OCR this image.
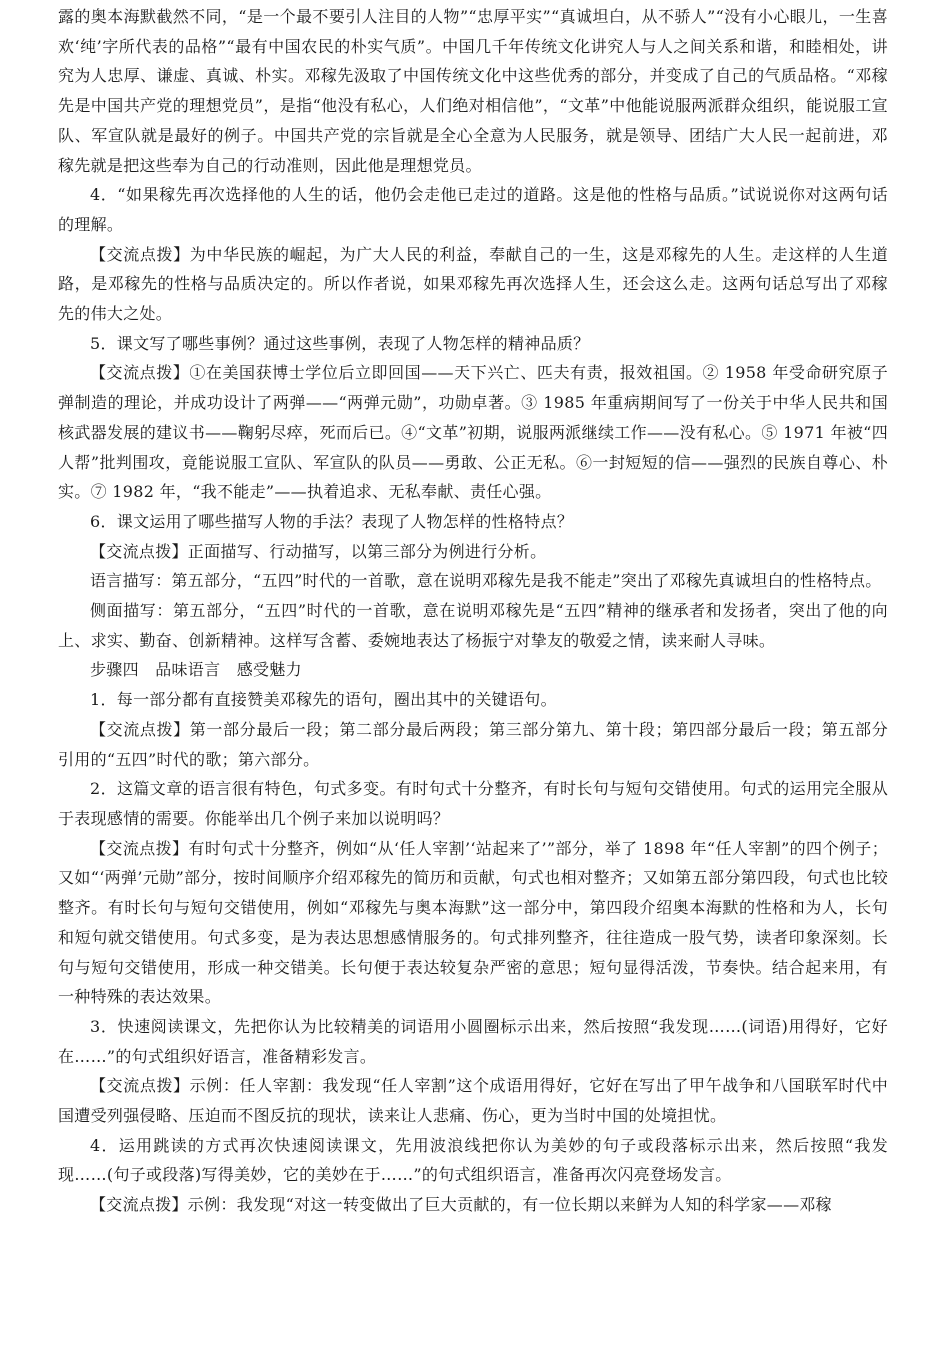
露的奥本海默截然不同，“是一个最不要引人注目的人物”“忠厚平实”“真诚坦白，从不骄人”“没有小心眼儿，一生喜欢‘纯’字所代表的品格”“最有中国农民的朴实气质”。中国几千年传统文化讲究人与人之间关系和谐，和睦相处，讲究为人忠厚、谦虚、真诚、朴实。邓稼先汲取了中国传统文化中这些优秀的部分，并变成了自己的气质品格。“邓稼先是中国共产党的理想党员”，是指“他没有私心，人们绝对相信他”，“文革”中他能说服两派群众组织，能说服工宣队、军宣队就是最好的例子。中国共产党的宗旨就是全心全意为人民服务，就是领导、团结广大人民一起前进，邓稼先就是把这些奉为自己的行动准则，因此他是理想党员。

4．“如果稼先再次选择他的人生的话，他仍会走他已走过的道路。这是他的性格与品质。”试说说你对这两句话的理解。

【交流点拨】为中华民族的崛起，为广大人民的利益，奉献自己的一生，这是邓稼先的人生。走这样的人生道路，是邓稼先的性格与品质决定的。所以作者说，如果邓稼先再次选择人生，还会这么走。这两句话总写出了邓稼先的伟大之处。

5．课文写了哪些事例？通过这些事例，表现了人物怎样的精神品质？

【交流点拨】①在美国获博士学位后立即回国——天下兴亡、匹夫有责，报效祖国。② 1958 年受命研究原子弹制造的理论，并成功设计了两弹——“两弹元勋”，功勋卓著。③ 1985 年重病期间写了一份关于中华人民共和国核武器发展的建议书——鞠躬尽瘁，死而后已。④“文革”初期，说服两派继续工作——没有私心。⑤ 1971 年被“四人帮”批判围攻，竟能说服工宣队、军宣队的队员——勇敢、公正无私。⑥一封短短的信——强烈的民族自尊心、朴实。⑦ 1982 年，“我不能走”——执着追求、无私奉献、责任心强。

6．课文运用了哪些描写人物的手法？表现了人物怎样的性格特点？

【交流点拨】正面描写、行动描写，以第三部分为例进行分析。

语言描写：第五部分，“五四”时代的一首歌，意在说明邓稼先是我不能走”突出了邓稼先真诚坦白的性格特点。

侧面描写：第五部分，“五四”时代的一首歌，意在说明邓稼先是“五四”精神的继承者和发扬者，突出了他的向上、求实、勤奋、创新精神。这样写含蓄、委婉地表达了杨振宁对挚友的敬爱之情，读来耐人寻味。

步骤四　品味语言　感受魅力

1．每一部分都有直接赞美邓稼先的语句，圈出其中的关键语句。

【交流点拨】第一部分最后一段；第二部分最后两段；第三部分第九、第十段；第四部分最后一段；第五部分引用的“五四”时代的歌；第六部分。

2．这篇文章的语言很有特色，句式多变。有时句式十分整齐，有时长句与短句交错使用。句式的运用完全服从于表现感情的需要。你能举出几个例子来加以说明吗？

【交流点拨】有时句式十分整齐，例如“从‘任人宰割’‘站起来了’”部分，举了 1898 年“任人宰割”的四个例子；又如“‘两弹’元勋”部分，按时间顺序介绍邓稼先的简历和贡献，句式也相对整齐；又如第五部分第四段，句式也比较整齐。有时长句与短句交错使用，例如“邓稼先与奥本海默”这一部分中，第四段介绍奥本海默的性格和为人，长句和短句就交错使用。句式多变，是为表达思想感情服务的。句式排列整齐，往往造成一股气势，读者印象深刻。长句与短句交错使用，形成一种交错美。长句便于表达较复杂严密的意思；短句显得活泼，节奏快。结合起来用，有一种特殊的表达效果。

3．快速阅读课文，先把你认为比较精美的词语用小圆圈标示出来，然后按照“我发现……(词语)用得好，它好在……”的句式组织好语言，准备精彩发言。

【交流点拨】示例：任人宰割：我发现“任人宰割”这个成语用得好，它好在写出了甲午战争和八国联军时代中国遭受列强侵略、压迫而不图反抗的现状，读来让人悲痛、伤心，更为当时中国的处境担忧。

4．运用跳读的方式再次快速阅读课文，先用波浪线把你认为美妙的句子或段落标示出来，然后按照“我发现……(句子或段落)写得美妙，它的美妙在于……”的句式组织语言，准备再次闪亮登场发言。

【交流点拨】示例：我发现“对这一转变做出了巨大贡献的，有一位长期以来鲜为人知的科学家——邓稼
